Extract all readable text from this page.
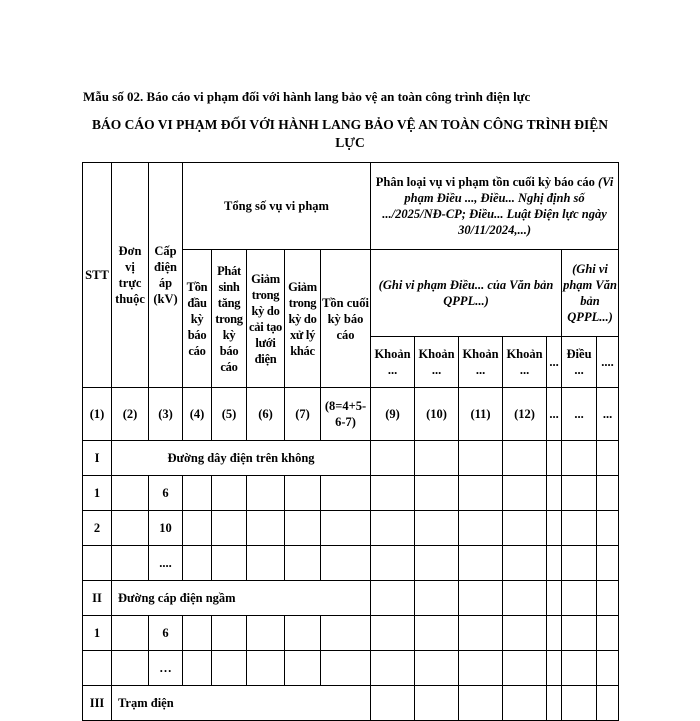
Mẫu số 02. Báo cáo vi phạm đối với hành lang bảo vệ an toàn công trình điện lực
BÁO CÁO VI PHẠM ĐỐI VỚI HÀNH LANG BẢO VỆ AN TOÀN CÔNG TRÌNH ĐIỆN LỰC
STT	Đơn vị trực thuộc	Cấp điện áp (kV)	Tổng số vụ vi phạm					Phân loại vụ vi phạm tồn cuối kỳ báo cáo (Vi phạm Điều ..., Điều... Nghị định số .../2025/NĐ-CP; Điều... Luật Điện lực ngày 30/11/2024,...)						
			Tồn đầu kỳ báo cáo	Phát sinh tăng trong kỳ báo cáo	Giảm trong kỳ do cải tạo lưới điện	Giảm trong kỳ do xử lý khác	Tồn cuối kỳ báo cáo	(Ghi vi phạm Điều... của Văn bản QPPL...)					(Ghi vi phạm Văn bản QPPL...)	
								Khoản ...	Khoản ...	Khoản ...	Khoản ...	...	Điều ...	....
(1)	(2)	(3)	(4)	(5)	(6)	(7)	(8=4+5-6-7)	(9)	(10)	(11)	(12)	...	...	...
I	Đường dây điện trên không													
1		6												
2		10												
		....												
II	Đường cáp điện ngầm													
1		6												
		…												
III	Trạm điện													
